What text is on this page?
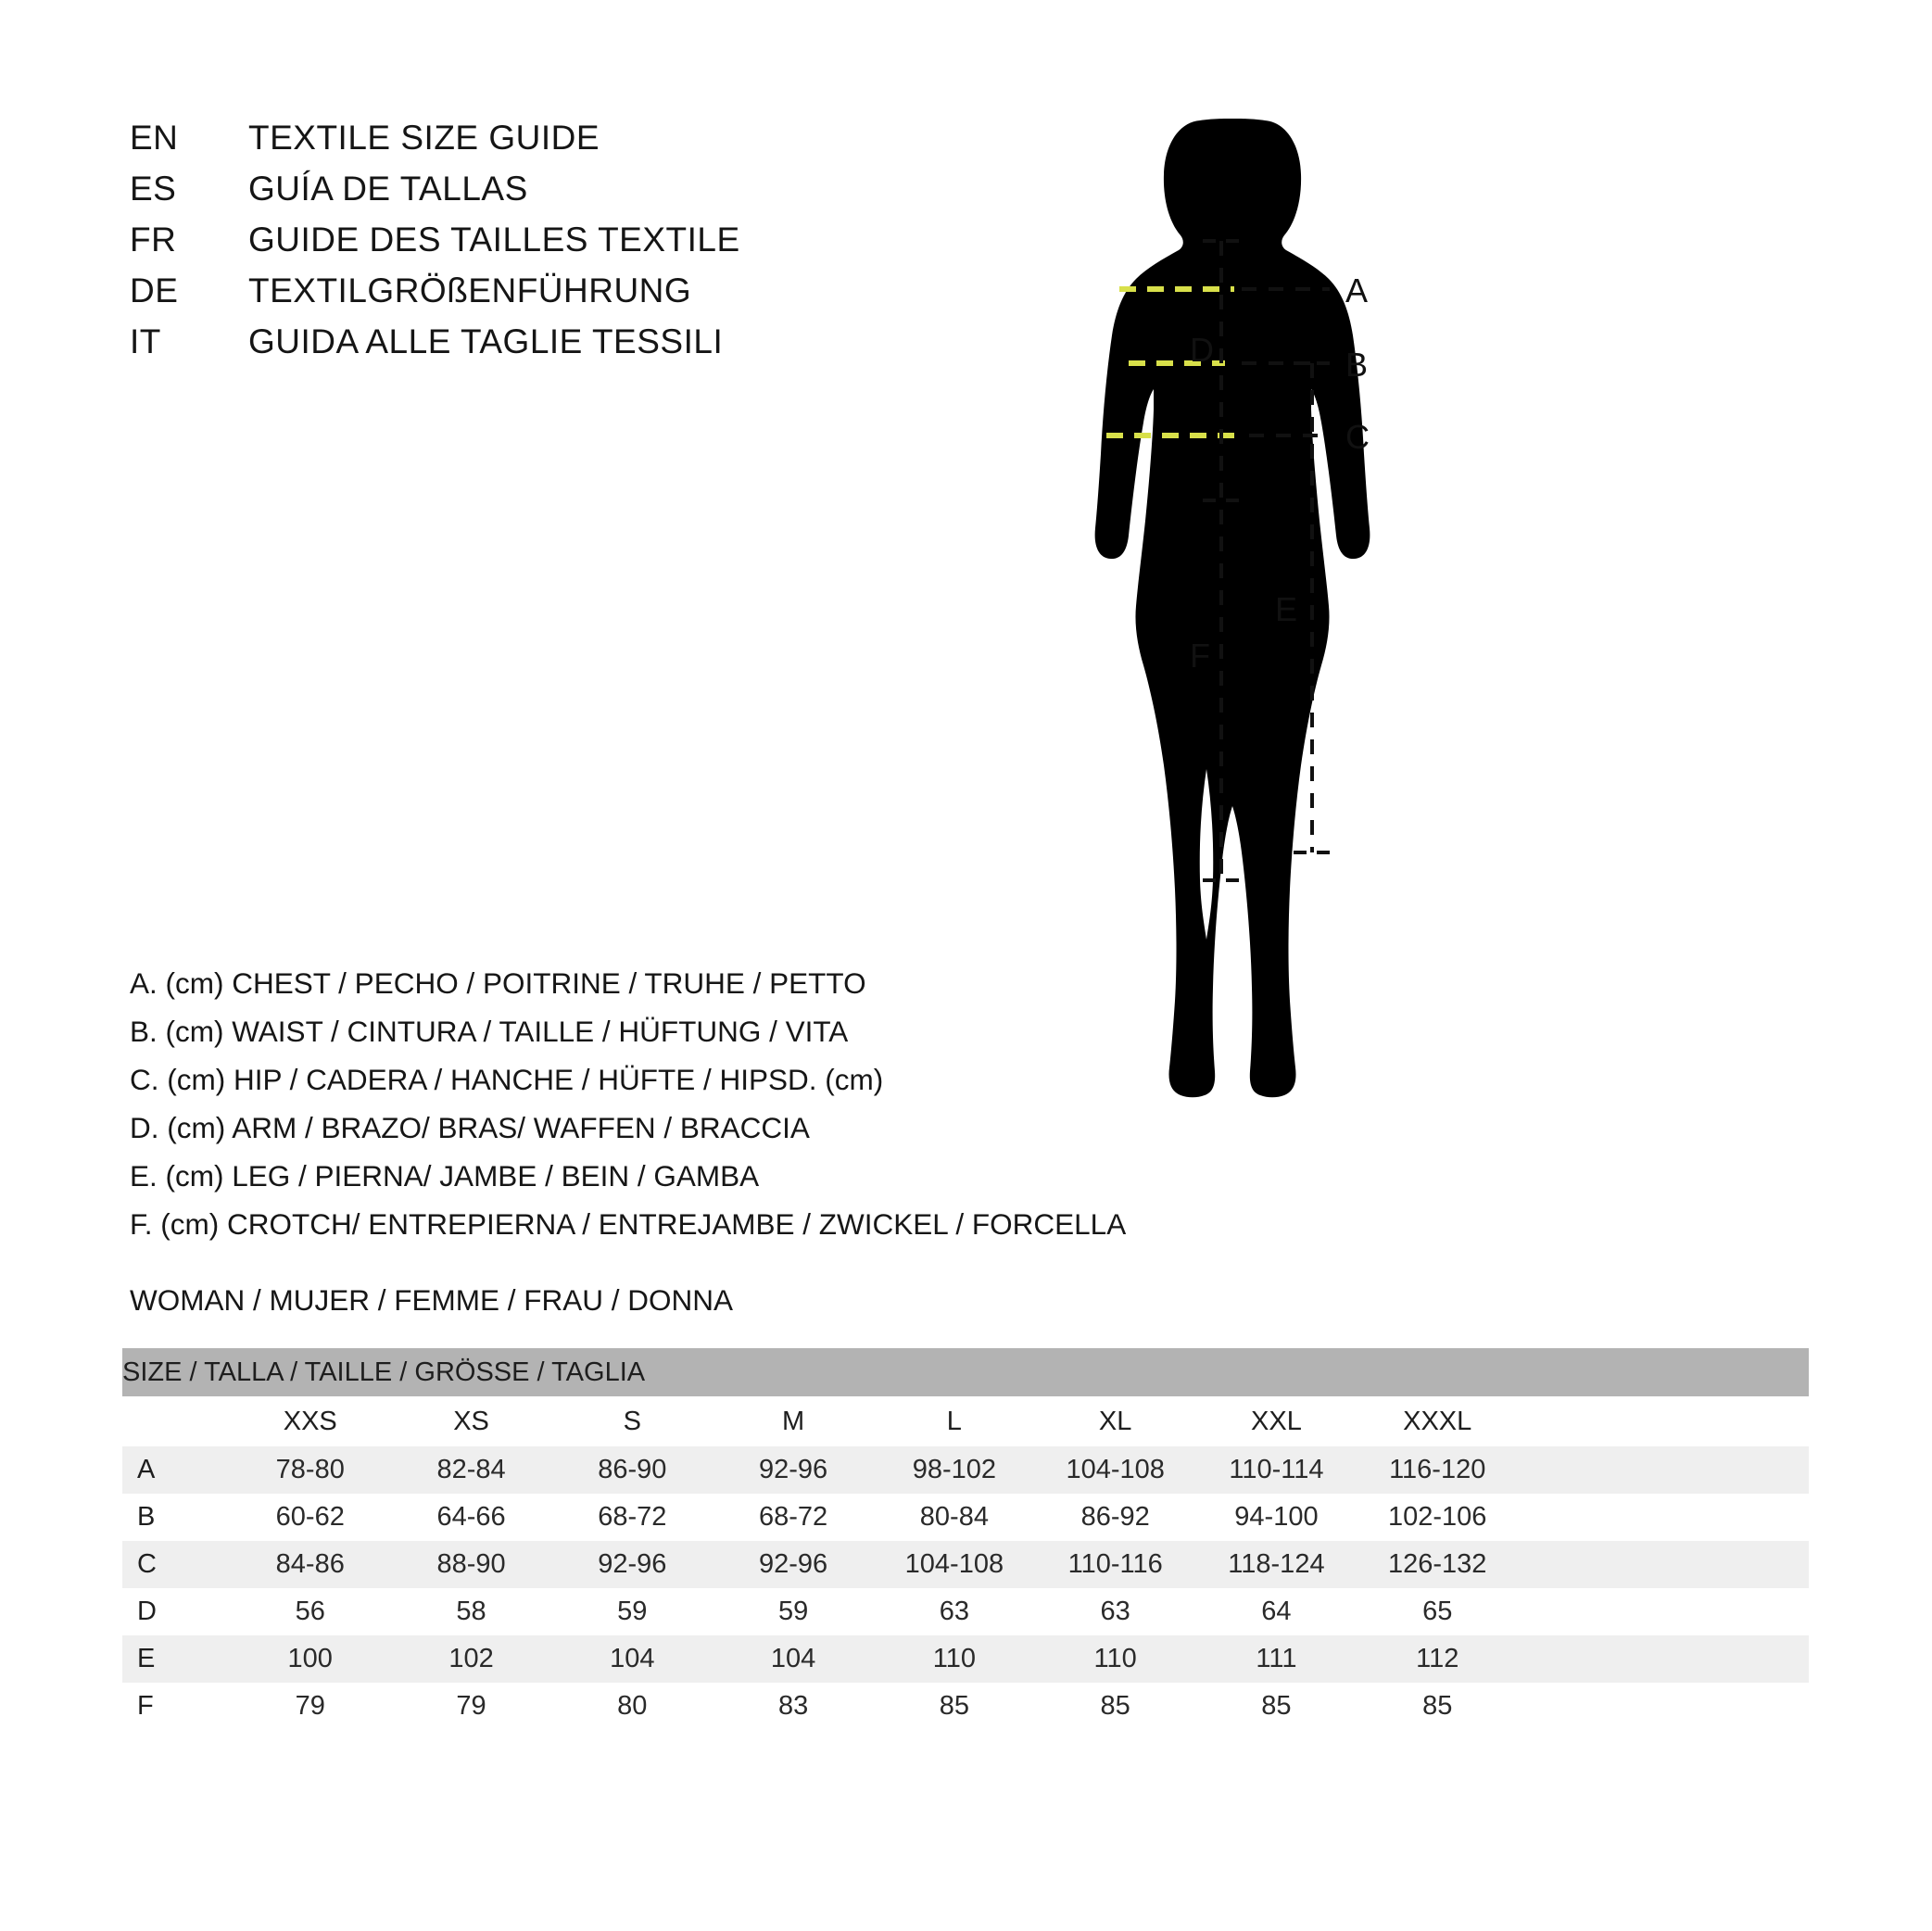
EN	TEXTILE SIZE GUIDE
ES	GUÍA DE TALLAS
FR	GUIDE DES TAILLES TEXTILE
DE	TEXTILGRÖßENFÜHRUNG
IT	GUIDA ALLE TAGLIE TESSILI
A. (cm) CHEST / PECHO / POITRINE / TRUHE / PETTO
B. (cm) WAIST / CINTURA / TAILLE / HÜFTUNG / VITA
C. (cm) HIP / CADERA / HANCHE / HÜFTE / HIPSD. (cm)
D. (cm) ARM / BRAZO/ BRAS/ WAFFEN / BRACCIA
E. (cm) LEG / PIERNA/ JAMBE / BEIN / GAMBA
F. (cm) CROTCH/ ENTREPIERNA / ENTREJAMBE / ZWICKEL / FORCELLA
WOMAN / MUJER / FEMME / FRAU / DONNA
A
B
C
F
D
E
SIZE / TALLA / TAILLE / GRÖSSE / TAGLIA									
	XXS	XS	S	M	L	XL	XXL	XXXL	
A	78-80	82-84	86-90	92-96	98-102	104-108	110-114	116-120	
B	60-62	64-66	68-72	68-72	80-84	86-92	94-100	102-106	
C	84-86	88-90	92-96	92-96	104-108	110-116	118-124	126-132	
D	56	58	59	59	63	63	64	65	
E	100	102	104	104	110	110	111	112	
F	79	79	80	83	85	85	85	85	
